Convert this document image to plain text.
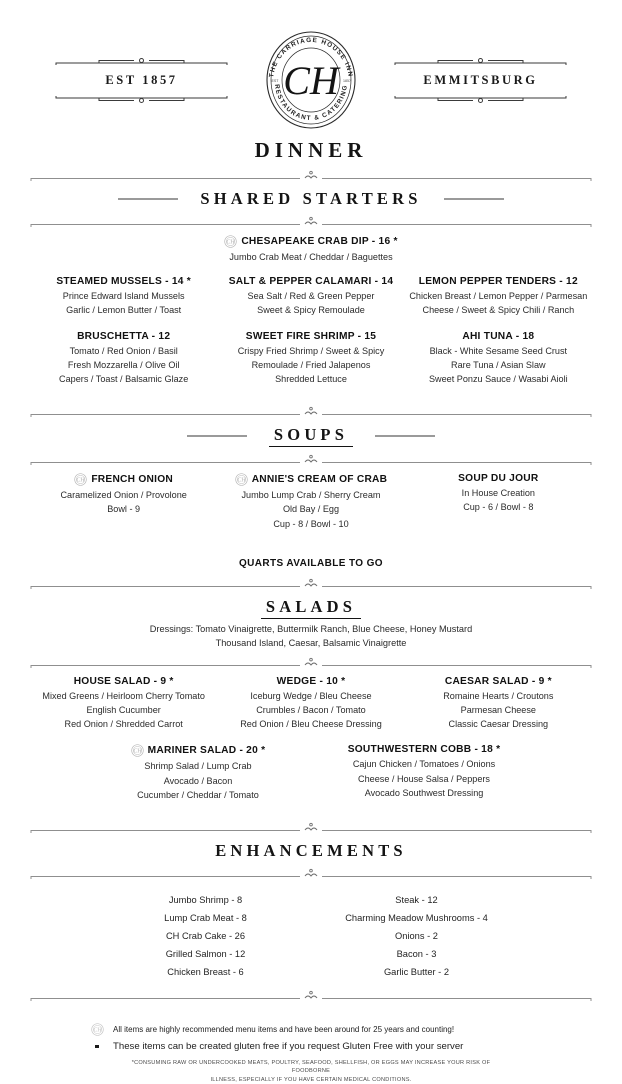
EST 1857	THE CARRIAGE HOUSE INN
RESTAURANT & CATERING
EST	1857
CH	EMMITSBURG
DINNER
SHARED STARTERS
CH CHESAPEAKE CRAB DIP - 16 *
Jumbo Crab Meat / Cheddar / Baguettes
STEAMED MUSSELS - 14 *
Prince Edward Island Mussels
Garlic / Lemon Butter / Toast
SALT & PEPPER CALAMARI - 14
Sea Salt / Red & Green Pepper
Sweet & Spicy Remoulade
LEMON PEPPER TENDERS - 12
Chicken Breast / Lemon Pepper / Parmesan
Cheese / Sweet & Spicy Chili / Ranch
BRUSCHETTA - 12
Tomato / Red Onion / Basil
Fresh Mozzarella / Olive Oil
Capers / Toast / Balsamic Glaze
SWEET FIRE SHRIMP - 15
Crispy Fried Shrimp / Sweet & Spicy
Remoulade / Fried Jalapenos
Shredded Lettuce
AHI TUNA - 18
Black - White Sesame Seed Crust
Rare Tuna / Asian Slaw
Sweet Ponzu Sauce / Wasabi Aioli
SOUPS
CH FRENCH ONION
Caramelized Onion / Provolone
Bowl - 9
CH ANNIE'S CREAM OF CRAB
Jumbo Lump Crab / Sherry Cream
Old Bay / Egg
Cup - 8 / Bowl - 10
SOUP DU JOUR
In House Creation
Cup - 6 / Bowl - 8
QUARTS AVAILABLE TO GO
SALADS
Dressings: Tomato Vinaigrette, Buttermilk Ranch, Blue Cheese, Honey Mustard
Thousand Island, Caesar, Balsamic Vinaigrette
HOUSE SALAD - 9 *
Mixed Greens / Heirloom Cherry Tomato
English Cucumber
Red Onion / Shredded Carrot
WEDGE - 10 *
Iceburg Wedge / Bleu Cheese
Crumbles / Bacon / Tomato
Red Onion / Bleu Cheese Dressing
CAESAR SALAD - 9 *
Romaine Hearts / Croutons
Parmesan Cheese
Classic Caesar Dressing
CH MARINER SALAD - 20 *
Shrimp Salad / Lump Crab
Avocado / Bacon
Cucumber / Cheddar / Tomato
SOUTHWESTERN COBB - 18 *
Cajun Chicken / Tomatoes / Onions
Cheese / House Salsa / Peppers
Avocado Southwest Dressing
ENHANCEMENTS
Jumbo Shrimp - 8
Lump Crab Meat - 8
CH Crab Cake - 26
Grilled Salmon - 12
Chicken Breast - 6
Steak - 12
Charming Meadow Mushrooms - 4
Onions - 2
Bacon - 3
Garlic Butter - 2
CH All items are highly recommended menu items and have been around for 25 years and counting!
These items can be created gluten free if you request Gluten Free with your server
*CONSUMING RAW OR UNDERCOOKED MEATS, POULTRY, SEAFOOD, SHELLFISH, OR EGGS MAY INCREASE YOUR RISK OF FOODBORNE
ILLNESS, ESPECIALLY IF YOU HAVE CERTAIN MEDICAL CONDITIONS.
